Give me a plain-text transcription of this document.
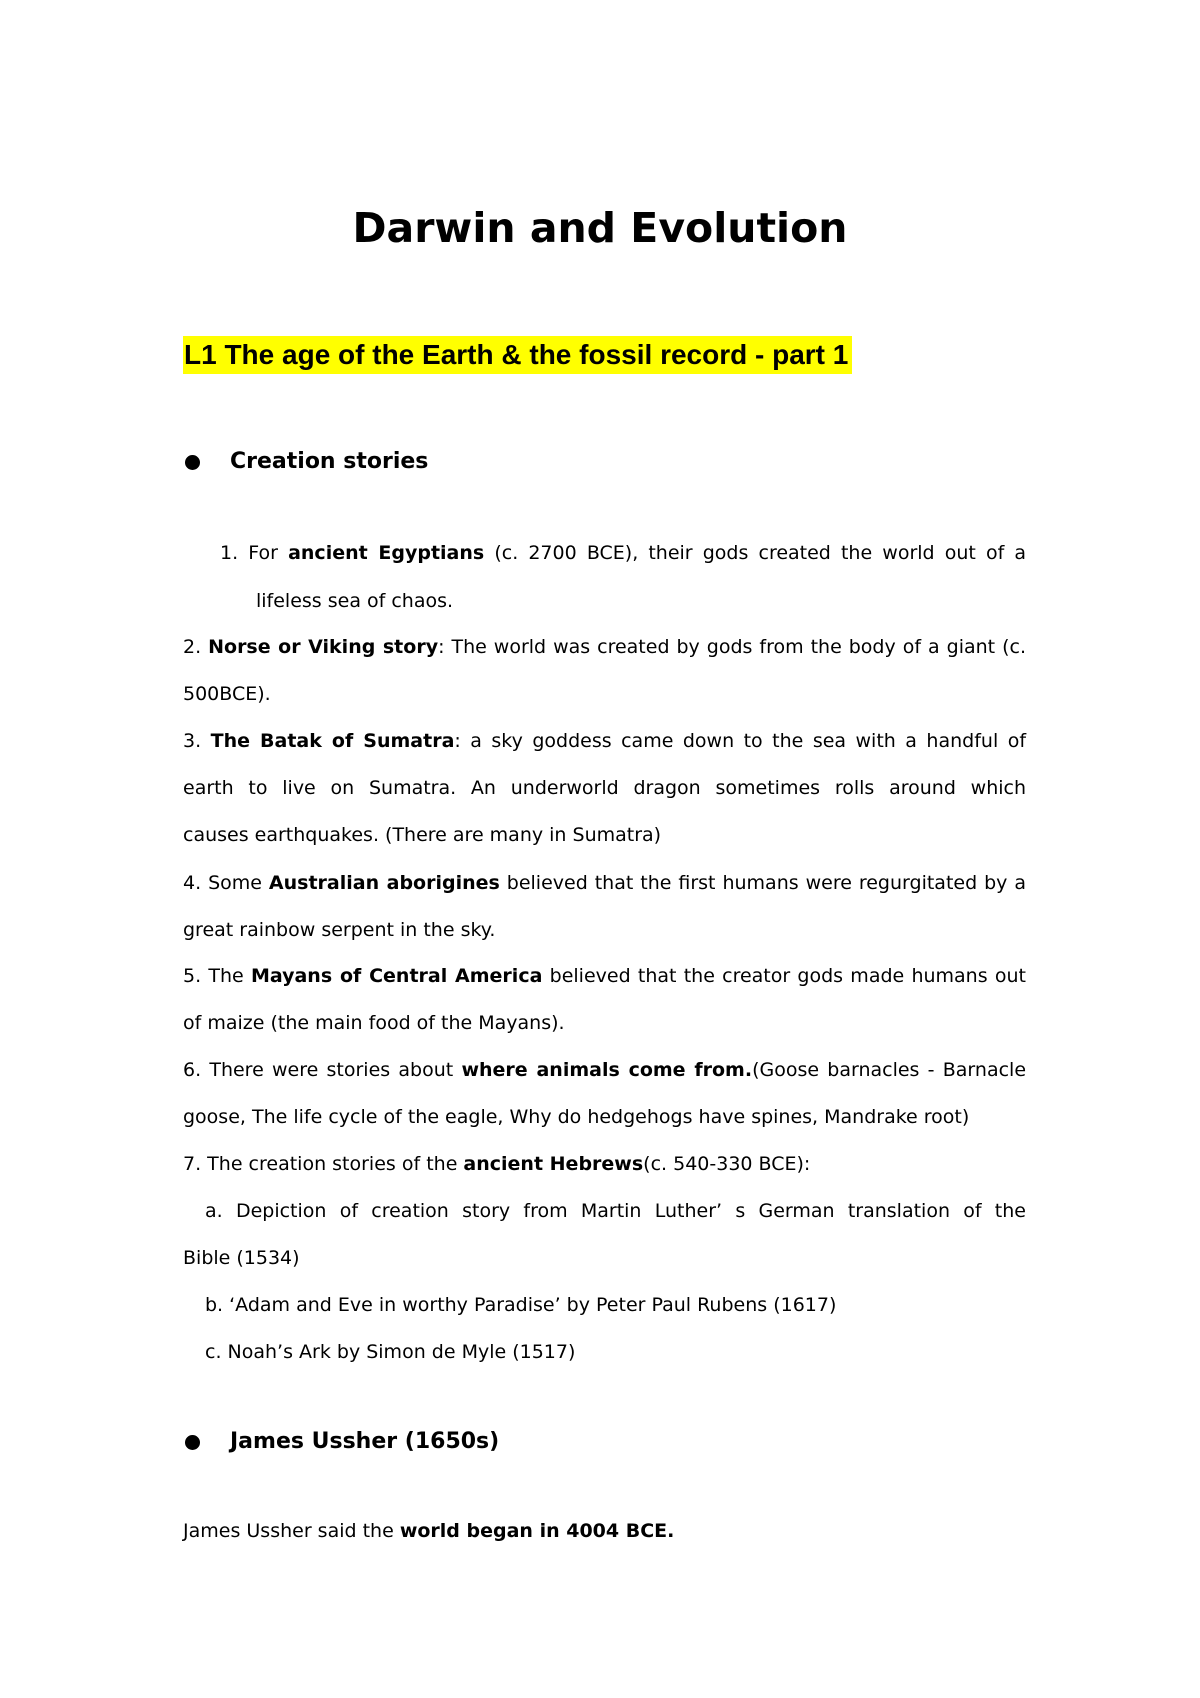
Darwin and Evolution
L1 The age of the Earth & the fossil record - part 1
Creation stories
1. For ancient Egyptians (c. 2700 BCE), their gods created the world out of a
lifeless sea of chaos.
2. Norse or Viking story: The world was created by gods from the body of a giant (c.
500BCE).
3. The Batak of Sumatra: a sky goddess came down to the sea with a handful of
earth to live on Sumatra. An underworld dragon sometimes rolls around which
causes earthquakes. (There are many in Sumatra)
4. Some Australian aborigines believed that the first humans were regurgitated by a
great rainbow serpent in the sky.
5. The Mayans of Central America believed that the creator gods made humans out
of maize (the main food of the Mayans).
6. There were stories about where animals come from.(Goose barnacles - Barnacle
goose, The life cycle of the eagle, Why do hedgehogs have spines, Mandrake root)
7. The creation stories of the ancient Hebrews(c. 540-330 BCE):
a. Depiction of creation story from Martin Luther’ s German translation of the
Bible (1534)
b. ‘Adam and Eve in worthy Paradise’ by Peter Paul Rubens (1617)
c. Noah’s Ark by Simon de Myle (1517)
James Ussher (1650s)
James Ussher said the world began in 4004 BCE.
